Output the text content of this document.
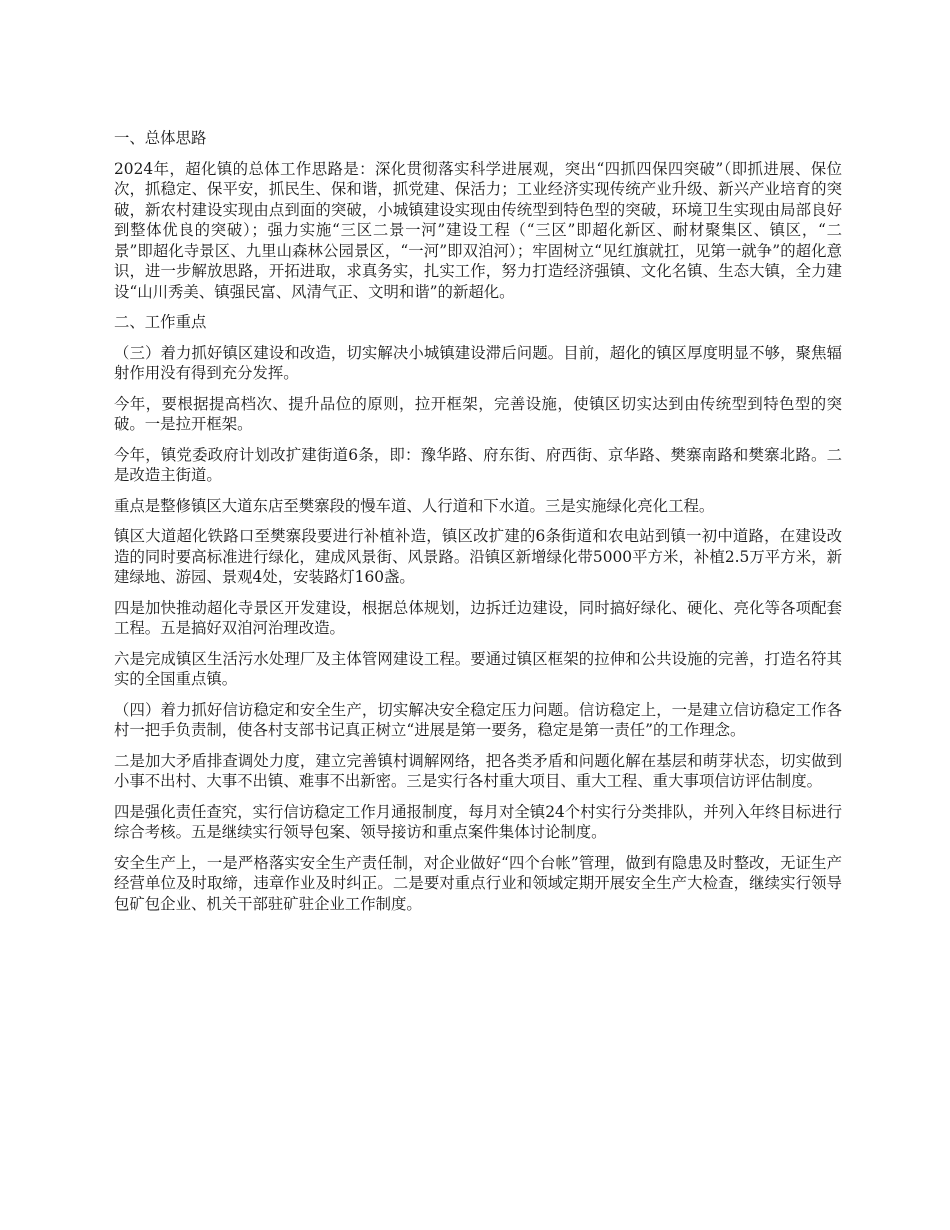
一、总体思路
2024年，超化镇的总体工作思路是：深化贯彻落实科学进展观，突出“四抓四保四突破”（即抓进展、保位次，抓稳定、保平安，抓民生、保和谐，抓党建、保活力；工业经济实现传统产业升级、新兴产业培育的突破，新农村建设实现由点到面的突破，小城镇建设实现由传统型到特色型的突破，环境卫生实现由局部良好到整体优良的突破）；强力实施“三区二景一河”建设工程（“三区”即超化新区、耐材聚集区、镇区，“二景”即超化寺景区、九里山森林公园景区，“一河”即双洎河）；牢固树立“见红旗就扛，见第一就争”的超化意识，进一步解放思路，开拓进取，求真务实，扎实工作，努力打造经济强镇、文化名镇、生态大镇，全力建设“山川秀美、镇强民富、风清气正、文明和谐”的新超化。
二、工作重点
（三）着力抓好镇区建设和改造，切实解决小城镇建设滞后问题。目前，超化的镇区厚度明显不够，聚焦辐射作用没有得到充分发挥。
今年，要根据提高档次、提升品位的原则，拉开框架，完善设施，使镇区切实达到由传统型到特色型的突破。一是拉开框架。
今年，镇党委政府计划改扩建街道6条，即：豫华路、府东街、府西街、京华路、樊寨南路和樊寨北路。二是改造主街道。
重点是整修镇区大道东店至樊寨段的慢车道、人行道和下水道。三是实施绿化亮化工程。
镇区大道超化铁路口至樊寨段要进行补植补造，镇区改扩建的6条街道和农电站到镇一初中道路，在建设改造的同时要高标准进行绿化，建成风景街、风景路。沿镇区新增绿化带5000平方米，补植2.5万平方米，新建绿地、游园、景观4处，安装路灯160盏。
四是加快推动超化寺景区开发建设，根据总体规划，边拆迁边建设，同时搞好绿化、硬化、亮化等各项配套工程。五是搞好双洎河治理改造。
六是完成镇区生活污水处理厂及主体管网建设工程。要通过镇区框架的拉伸和公共设施的完善，打造名符其实的全国重点镇。
（四）着力抓好信访稳定和安全生产，切实解决安全稳定压力问题。信访稳定上，一是建立信访稳定工作各村一把手负责制，使各村支部书记真正树立“进展是第一要务，稳定是第一责任”的工作理念。
二是加大矛盾排查调处力度，建立完善镇村调解网络，把各类矛盾和问题化解在基层和萌芽状态，切实做到小事不出村、大事不出镇、难事不出新密。三是实行各村重大项目、重大工程、重大事项信访评估制度。
四是强化责任查究，实行信访稳定工作月通报制度，每月对全镇24个村实行分类排队，并列入年终目标进行综合考核。五是继续实行领导包案、领导接访和重点案件集体讨论制度。
安全生产上，一是严格落实安全生产责任制，对企业做好“四个台帐”管理，做到有隐患及时整改，无证生产经营单位及时取缔，违章作业及时纠正。二是要对重点行业和领域定期开展安全生产大检查，继续实行领导包矿包企业、机关干部驻矿驻企业工作制度。
